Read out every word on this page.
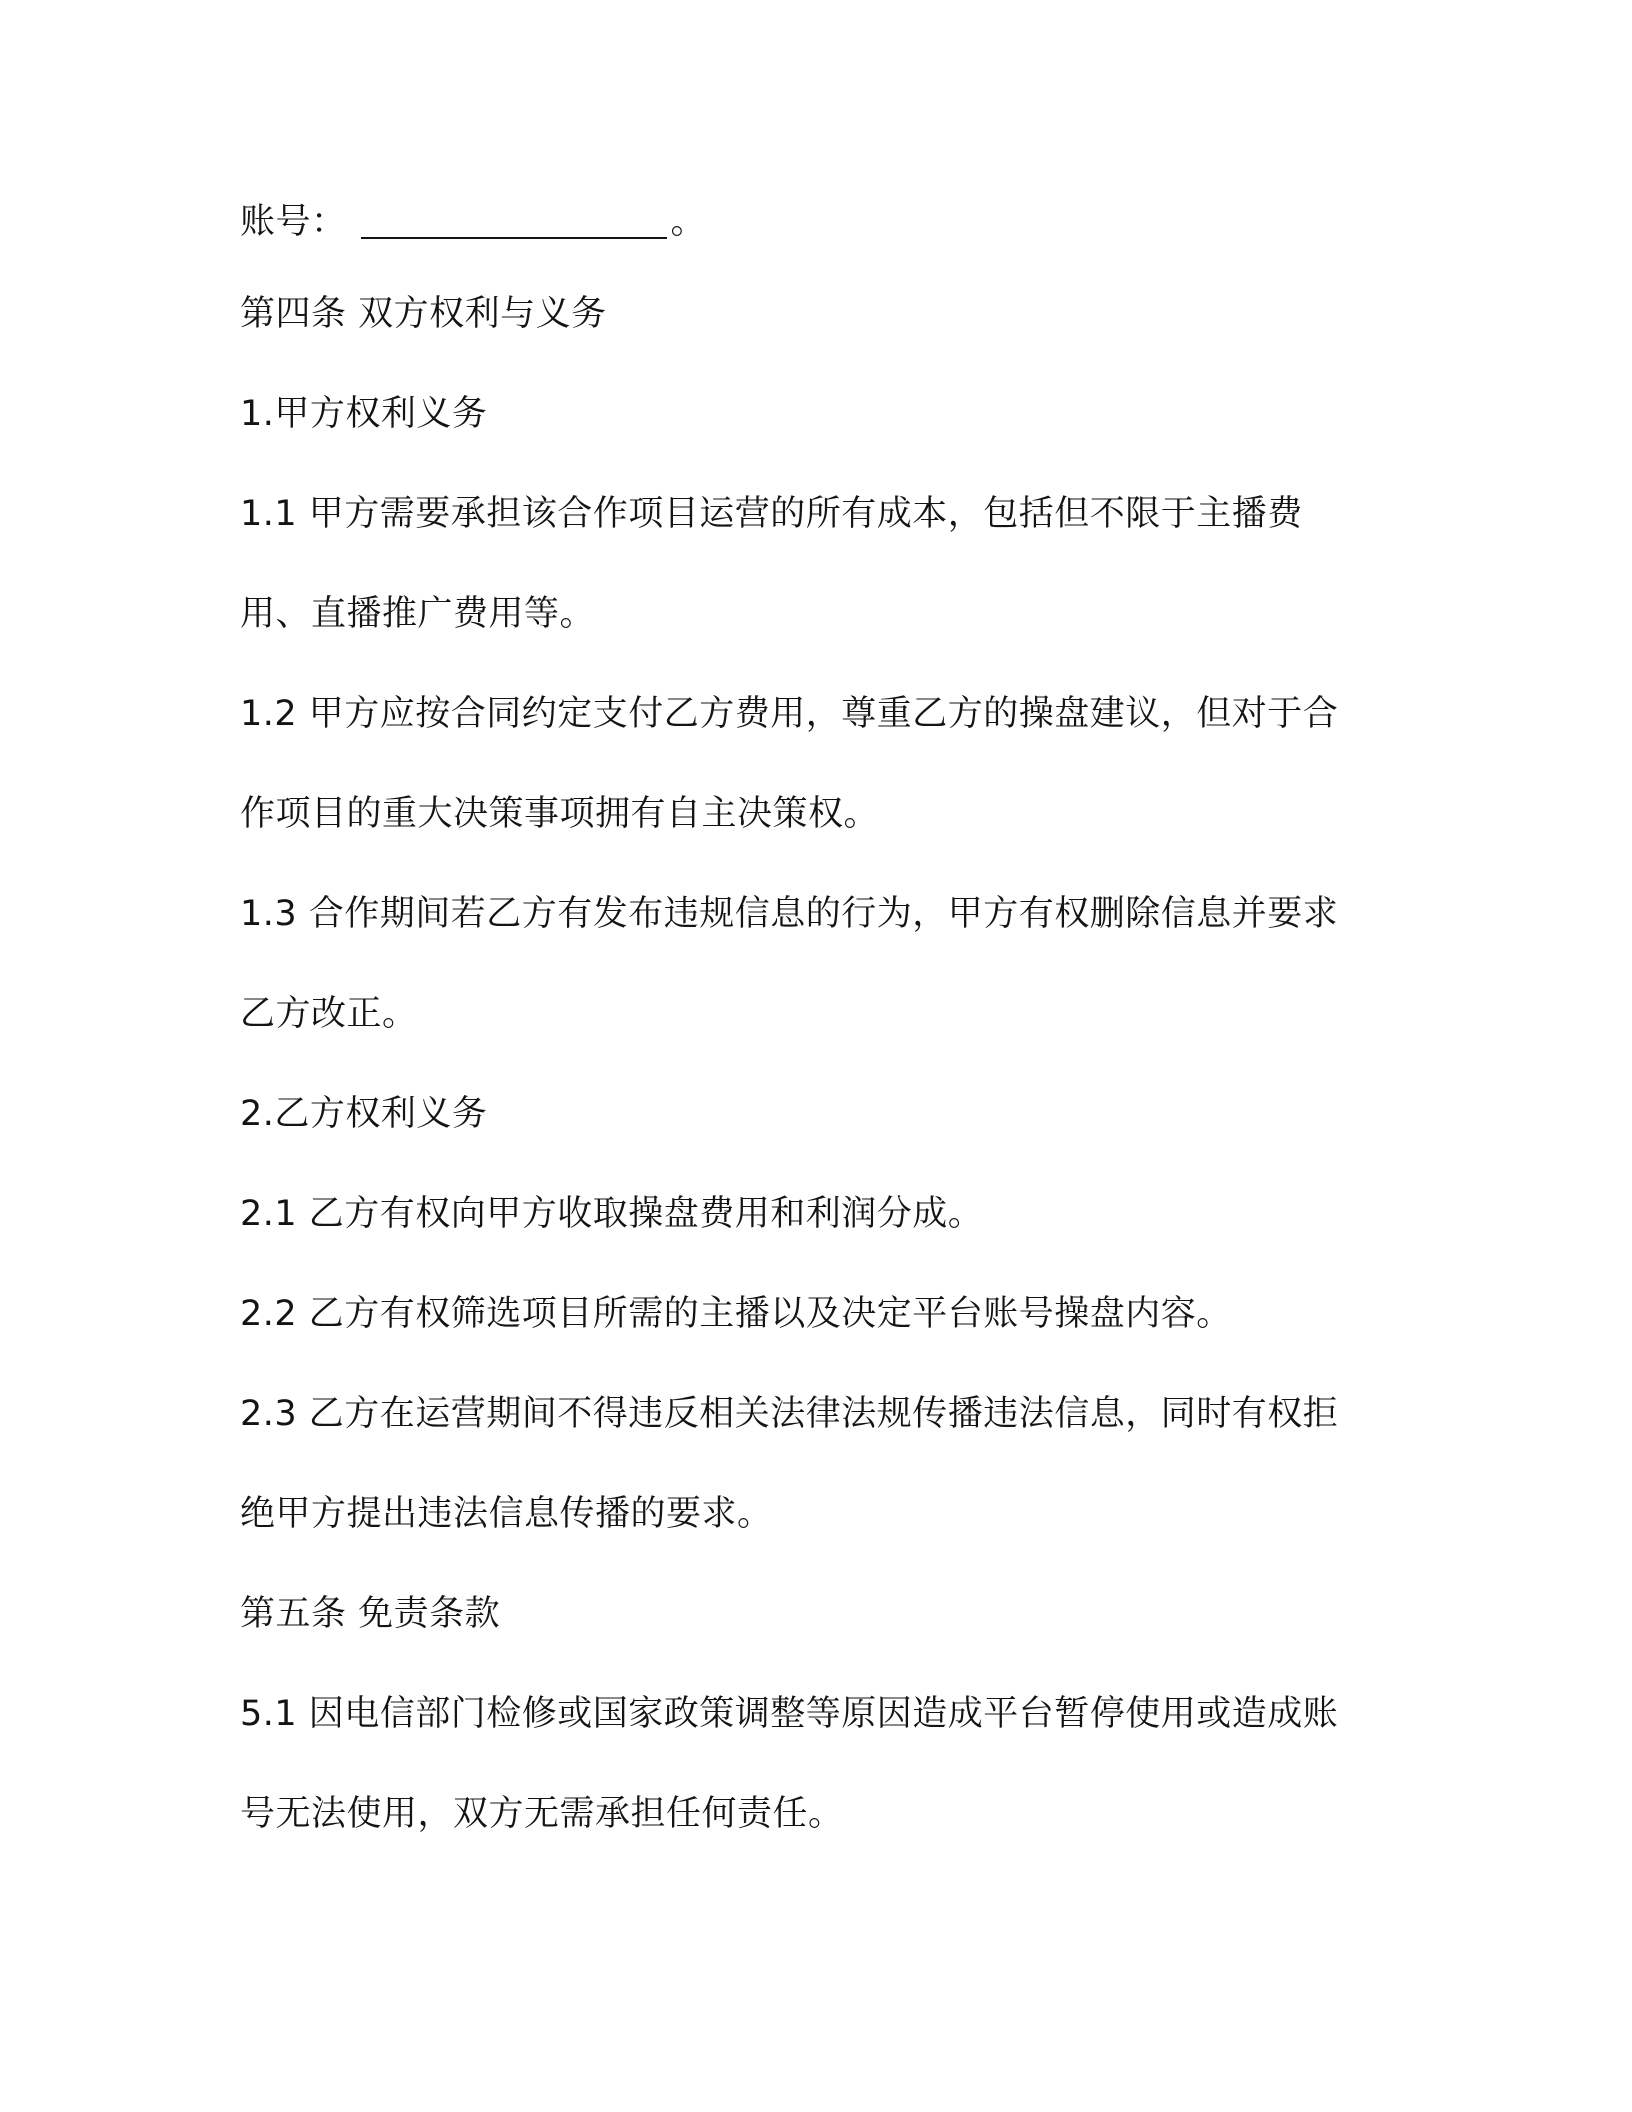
账号：	。
第四条 双方权利与义务
1.甲方权利义务
1.1 甲方需要承担该合作项目运营的所有成本，包括但不限于主播费
用、直播推广费用等。
1.2 甲方应按合同约定支付乙方费用，尊重乙方的操盘建议，但对于合
作项目的重大决策事项拥有自主决策权。
1.3 合作期间若乙方有发布违规信息的行为，甲方有权删除信息并要求
乙方改正。
2.乙方权利义务
2.1 乙方有权向甲方收取操盘费用和利润分成。
2.2 乙方有权筛选项目所需的主播以及决定平台账号操盘内容。
2.3 乙方在运营期间不得违反相关法律法规传播违法信息，同时有权拒
绝甲方提出违法信息传播的要求。
第五条 免责条款
5.1 因电信部门检修或国家政策调整等原因造成平台暂停使用或造成账
号无法使用，双方无需承担任何责任。
